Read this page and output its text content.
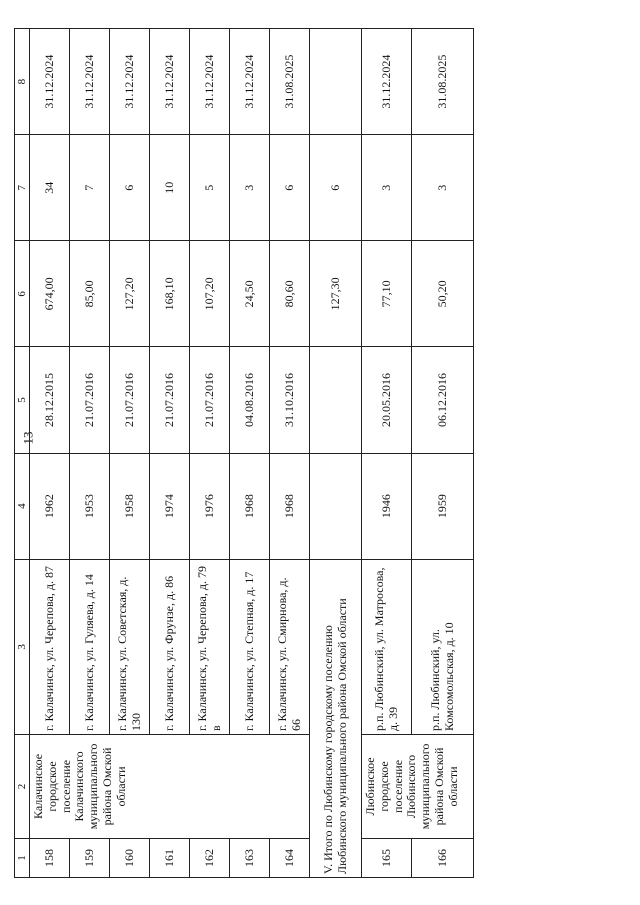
13
1	2	3	4	5	6	7	8
158	Калачинское городское поселение Калачинского муниципального района Омской области	г. Калачинск, ул. Черепова, д. 87	1962	28.12.2015	674,00	34	31.12.2024
159		г. Калачинск, ул. Гуляева, д. 14	1953	21.07.2016	85,00	7	31.12.2024
160		г. Калачинск, ул. Советская, д. 130	1958	21.07.2016	127,20	6	31.12.2024
161		г. Калачинск, ул. Фрунзе, д. 86	1974	21.07.2016	168,10	10	31.12.2024
162		г. Калачинск, ул. Черепова, д. 79 в	1976	21.07.2016	107,20	5	31.12.2024
163		г. Калачинск, ул. Степная, д. 17	1968	04.08.2016	24,50	3	31.12.2024
164		г. Калачинск, ул. Смирнова, д. 66	1968	31.10.2016	80,60	6	31.08.2025
V. Итого по Любинскому городскому поселению Любинского муниципального района Омской области					127,30	6	
165	Любинское городское поселение Любинского муниципального района Омской области	р.п. Любинский, ул. Матросова, д. 39	1946	20.05.2016	77,10	3	31.12.2024
166		р.п. Любинский, ул. Комсомольская, д. 10	1959	06.12.2016	50,20	3	31.08.2025
